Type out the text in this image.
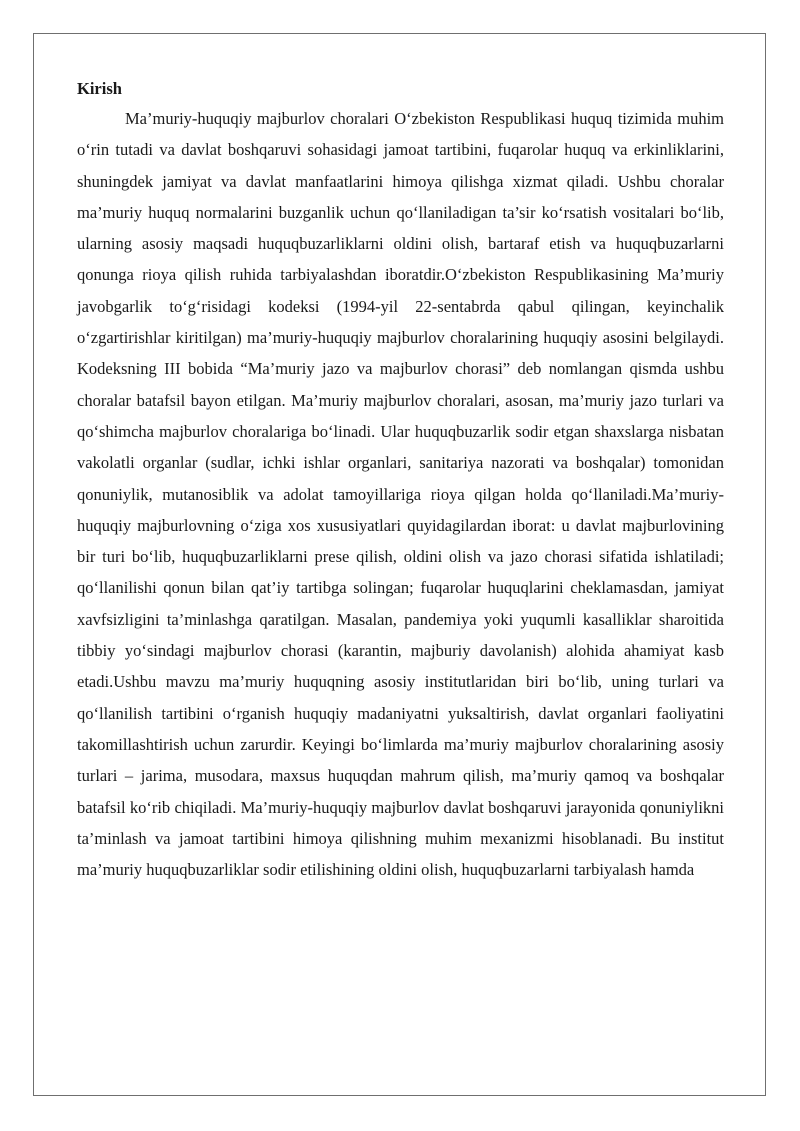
Kirish

Ma’muriy-huquqiy majburlov choralari O‘zbekiston Respublikasi huquq tizimida muhim o‘rin tutadi va davlat boshqaruvi sohasidagi jamoat tartibini, fuqarolar huquq va erkinliklarini, shuningdek jamiyat va davlat manfaatlarini himoya qilishga xizmat qiladi. Ushbu choralar ma’muriy huquq normalarini buzganlik uchun qo‘llaniladigan ta’sir ko‘rsatish vositalari bo‘lib, ularning asosiy maqsadi huquqbuzarliklarni oldini olish, bartaraf etish va huquqbuzarlarni qonunga rioya qilish ruhida tarbiyalashdan iboratdir.O‘zbekiston Respublikasining Ma’muriy javobgarlik to‘g‘risidagi kodeksi (1994-yil 22-sentabrda qabul qilingan, keyinchalik o‘zgartirishlar kiritilgan) ma’muriy-huquqiy majburlov choralarining huquqiy asosini belgilaydi. Kodeksning III bobida “Ma’muriy jazo va majburlov chorasi” deb nomlangan qismda ushbu choralar batafsil bayon etilgan. Ma’muriy majburlov choralari, asosan, ma’muriy jazo turlari va qo‘shimcha majburlov choralariga bo‘linadi. Ular huquqbuzarlik sodir etgan shaxslarga nisbatan vakolatli organlar (sudlar, ichki ishlar organlari, sanitariya nazorati va boshqalar) tomonidan qonuniylik, mutanosiblik va adolat tamoyillariga rioya qilgan holda qo‘llaniladi.Ma’muriy-huquqiy majburlovning o‘ziga xos xususiyatlari quyidagilardan iborat: u davlat majburlovining bir turi bo‘lib, huquqbuzarliklarni prese qilish, oldini olish va jazo chorasi sifatida ishlatiladi; qo‘llanilishi qonun bilan qat’iy tartibga solingan; fuqarolar huquqlarini cheklamasdan, jamiyat xavfsizligini ta’minlashga qaratilgan. Masalan, pandemiya yoki yuqumli kasalliklar sharoitida tibbiy yo‘sindagi majburlov chorasi (karantin, majburiy davolanish) alohida ahamiyat kasb etadi.Ushbu mavzu ma’muriy huquqning asosiy institutlaridan biri bo‘lib, uning turlari va qo‘llanilish tartibini o‘rganish huquqiy madaniyatni yuksaltirish, davlat organlari faoliyatini takomillashtirish uchun zarurdir. Keyingi bo‘limlarda ma’muriy majburlov choralarining asosiy turlari – jarima, musodara, maxsus huquqdan mahrum qilish, ma’muriy qamoq va boshqalar batafsil ko‘rib chiqiladi. Ma’muriy-huquqiy majburlov davlat boshqaruvi jarayonida qonuniylikni ta’minlash va jamoat tartibini himoya qilishning muhim mexanizmi hisoblanadi. Bu institut ma’muriy huquqbuzarliklar sodir etilishining oldini olish, huquqbuzarlarni tarbiyalash hamda
